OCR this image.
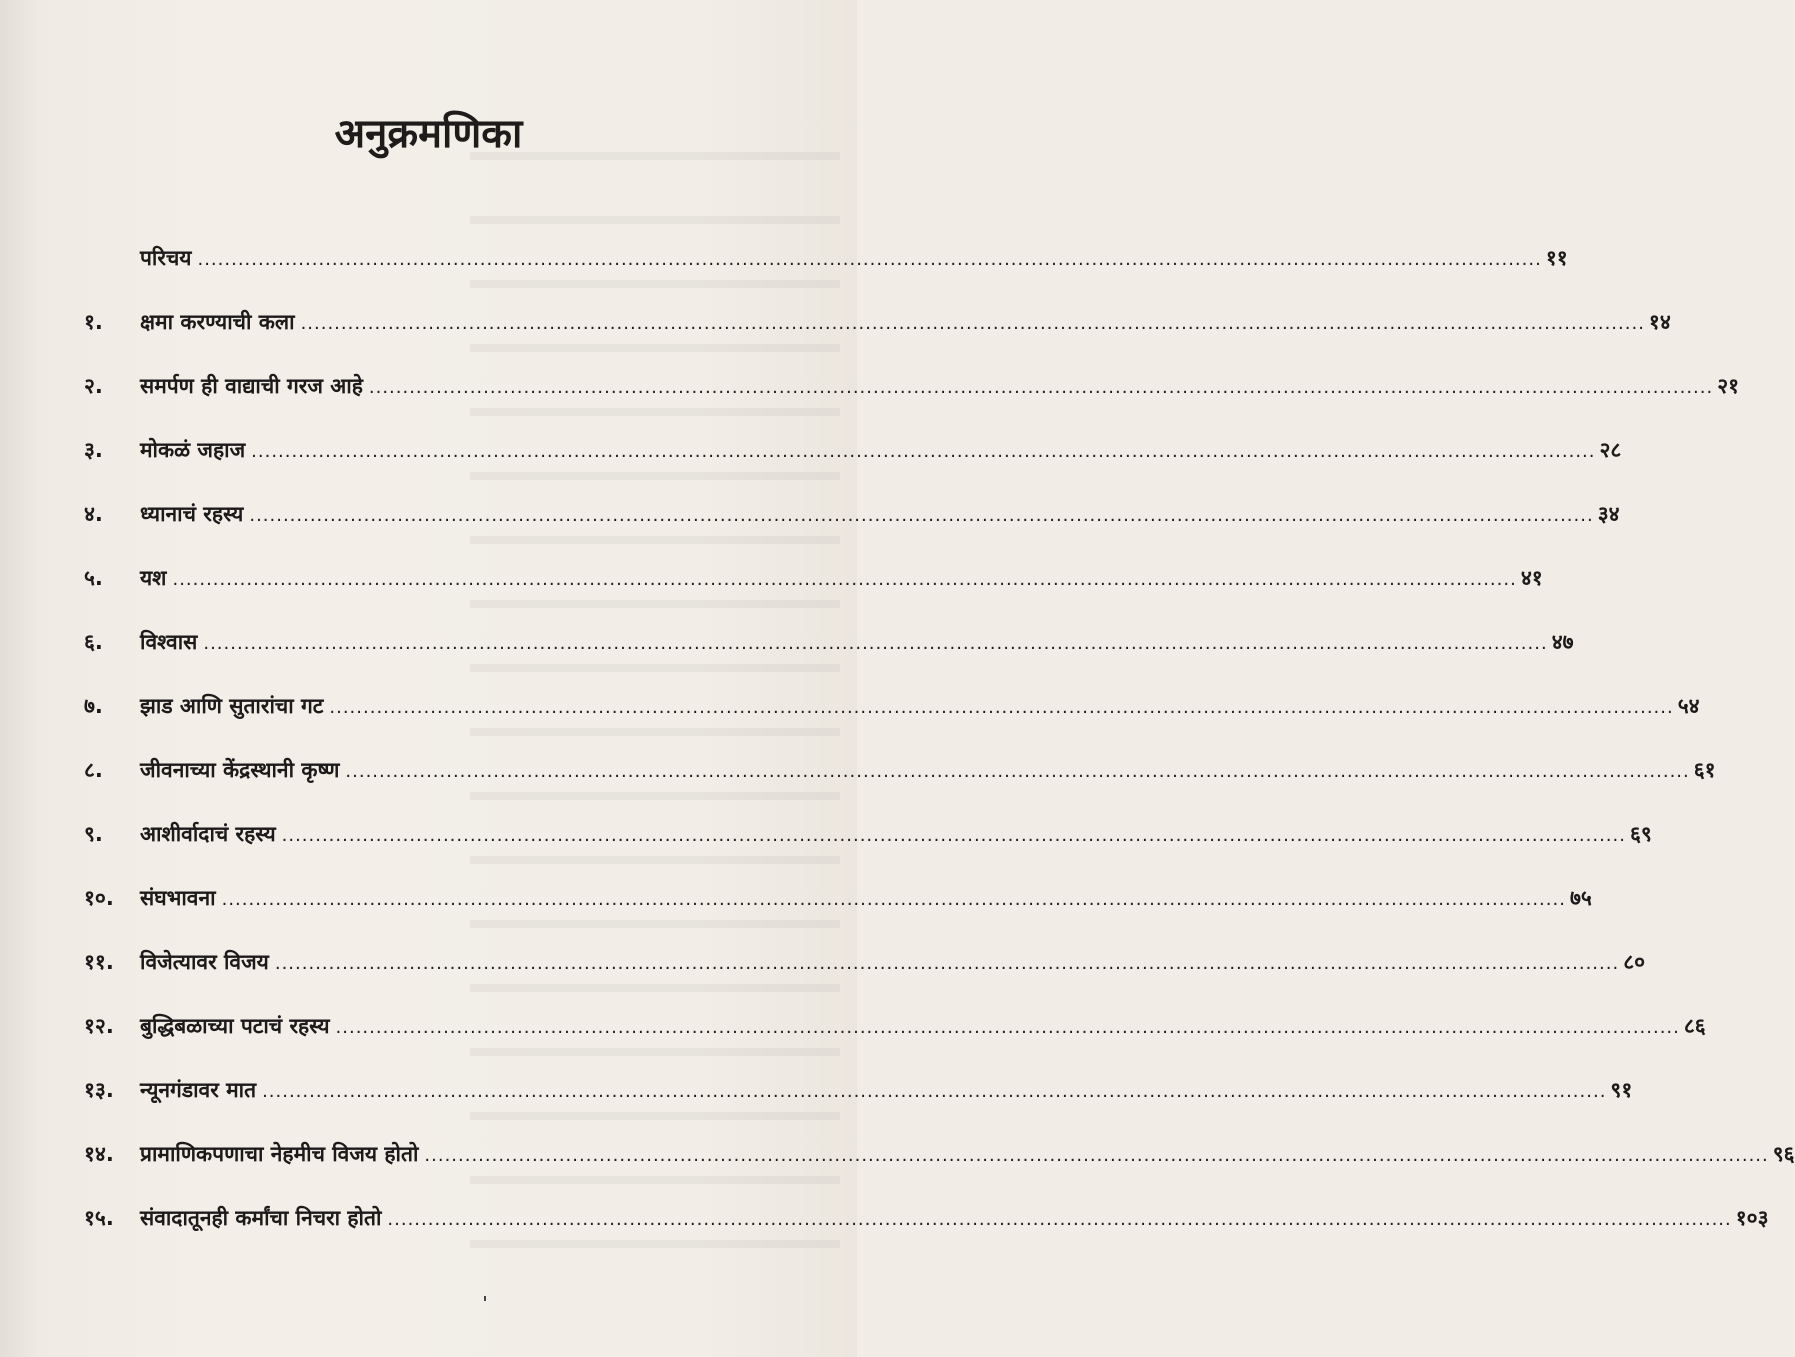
अनुक्रमणिका
परिचय ........................................................................................................................................................................................................ ११
१.	क्षमा करण्याची कला ........................................................................................................................................................................................................ १४
२.	समर्पण ही वाद्याची गरज आहे ........................................................................................................................................................................................................ २१
३.	मोकळं जहाज ........................................................................................................................................................................................................ २८
४.	ध्यानाचं रहस्य ........................................................................................................................................................................................................ ३४
५.	यश ........................................................................................................................................................................................................ ४१
६.	विश्वास ........................................................................................................................................................................................................ ४७
७.	झाड आणि सुतारांचा गट ........................................................................................................................................................................................................ ५४
८.	जीवनाच्या केंद्रस्थानी कृष्ण ........................................................................................................................................................................................................ ६१
९.	आशीर्वादाचं रहस्य ........................................................................................................................................................................................................ ६९
१०.	संघभावना ........................................................................................................................................................................................................ ७५
११.	विजेत्यावर विजय ........................................................................................................................................................................................................ ८०
१२.	बुद्धिबळाच्या पटाचं रहस्य ........................................................................................................................................................................................................ ८६
१३.	न्यूनगंडावर मात ........................................................................................................................................................................................................ ९१
१४.	प्रामाणिकपणाचा नेहमीच विजय होतो ........................................................................................................................................................................................................ ९६
१५.	संवादातूनही कर्मांचा निचरा होतो ........................................................................................................................................................................................................ १०३
